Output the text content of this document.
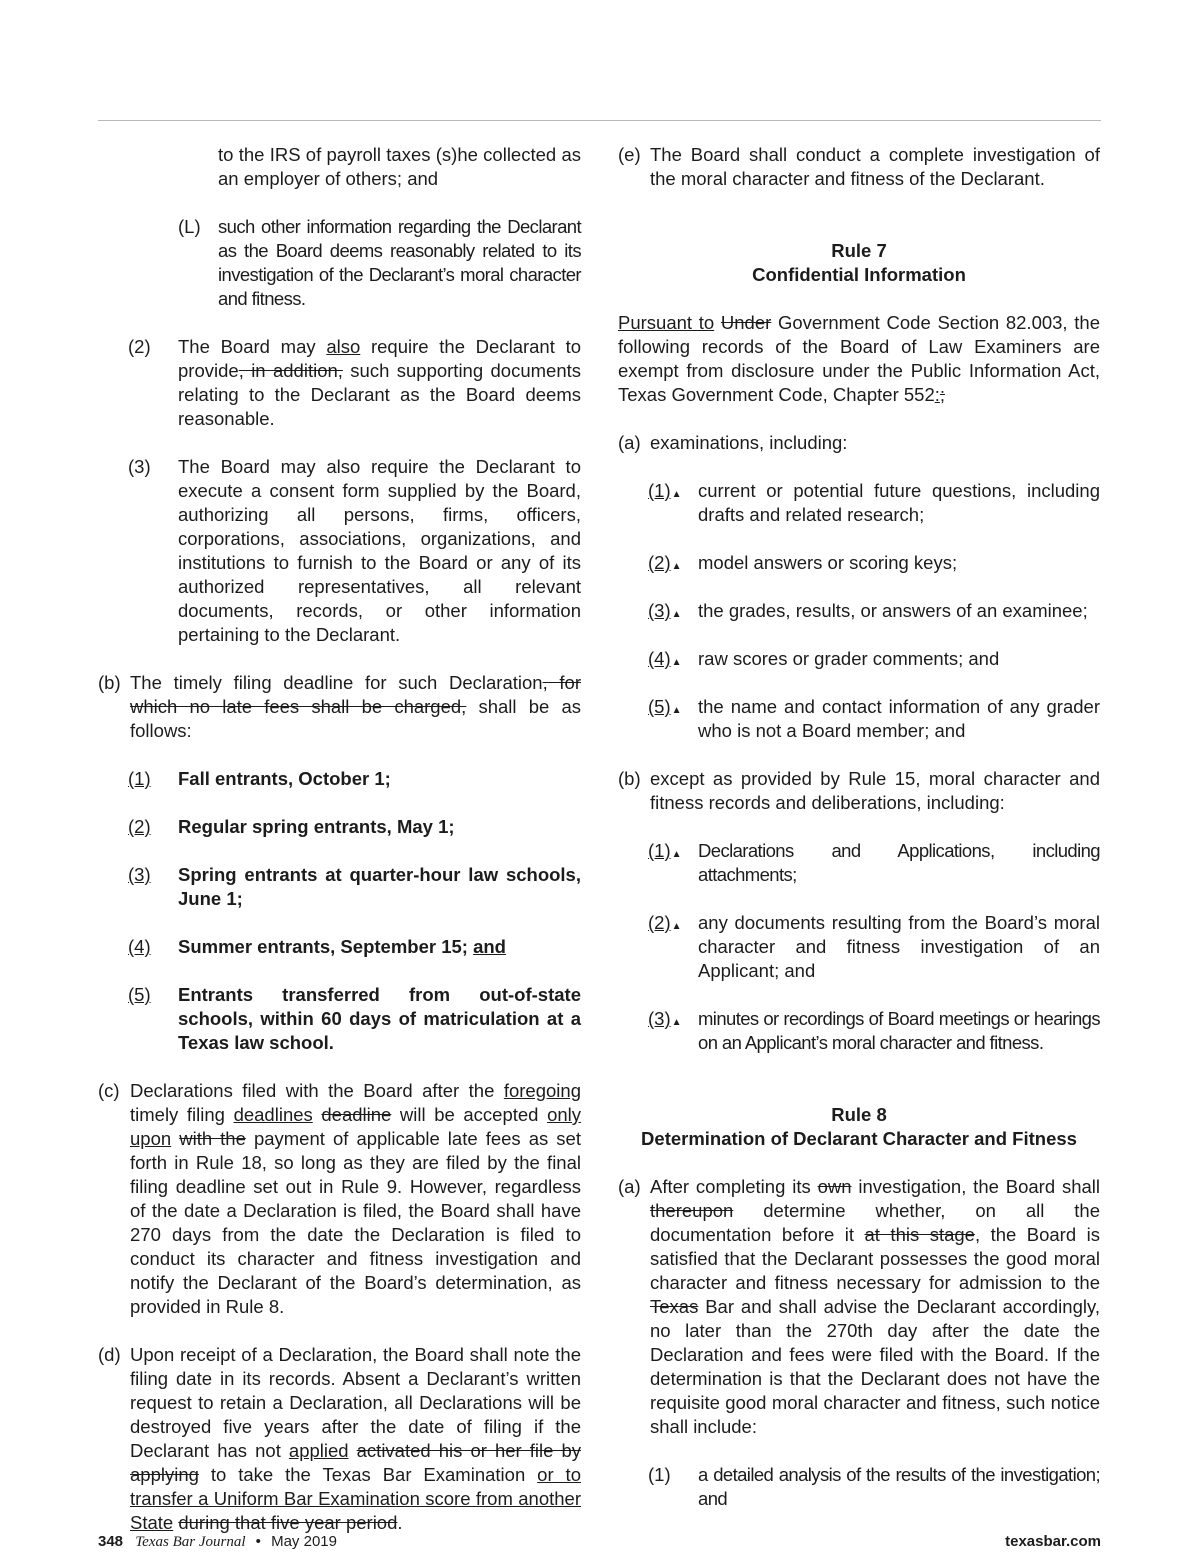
to the IRS of payroll taxes (s)he collected as an employer of others; and
(L) such other information regarding the Declarant as the Board deems reasonably related to its investigation of the Declarant’s moral character and fitness.
(2) The Board may also require the Declarant to provide, in addition, such supporting documents relating to the Declarant as the Board deems reasonable.
(3) The Board may also require the Declarant to execute a consent form supplied by the Board, authorizing all persons, firms, officers, corporations, associations, organizations, and institutions to furnish to the Board or any of its authorized representatives, all relevant documents, records, or other information pertaining to the Declarant.
(b) The timely filing deadline for such Declaration, for which no late fees shall be charged, shall be as follows:
(1) Fall entrants, October 1;
(2) Regular spring entrants, May 1;
(3) Spring entrants at quarter-hour law schools, June 1;
(4) Summer entrants, September 15; and
(5) Entrants transferred from out-of-state schools, within 60 days of matriculation at a Texas law school.
(c) Declarations filed with the Board after the foregoing timely filing deadlines deadline will be accepted only upon with the payment of applicable late fees as set forth in Rule 18, so long as they are filed by the final filing deadline set out in Rule 9. However, regardless of the date a Declaration is filed, the Board shall have 270 days from the date the Declaration is filed to conduct its character and fitness investigation and notify the Declarant of the Board’s determination, as provided in Rule 8.
(d) Upon receipt of a Declaration, the Board shall note the filing date in its records. Absent a Declarant’s written request to retain a Declaration, all Declarations will be destroyed five years after the date of filing if the Declarant has not applied activated his or her file by applying to take the Texas Bar Examination or to transfer a Uniform Bar Examination score from another State during that five year period.
(e) The Board shall conduct a complete investigation of the moral character and fitness of the Declarant.
Rule 7
Confidential Information

Pursuant to Under Government Code Section 82.003, the following records of the Board of Law Examiners are exempt from disclosure under the Public Information Act, Texas Government Code, Chapter 552:;

(a) examinations, including:
(1)▲ current or potential future questions, including drafts and related research;
(2)▲ model answers or scoring keys;
(3)▲ the grades, results, or answers of an examinee;
(4)▲ raw scores or grader comments; and
(5)▲ the name and contact information of any grader who is not a Board member; and
(b) except as provided by Rule 15, moral character and fitness records and deliberations, including:
(1)▲ Declarations and Applications, including attachments;
(2)▲ any documents resulting from the Board’s moral character and fitness investigation of an Applicant; and
(3)▲ minutes or recordings of Board meetings or hearings on an Applicant’s moral character and fitness.
Rule 8
Determination of Declarant Character and Fitness
(a) After completing its own investigation, the Board shall thereupon determine whether, on all the documentation before it at this stage, the Board is satisfied that the Declarant possesses the good moral character and fitness necessary for admission to the Texas Bar and shall advise the Declarant accordingly, no later than the 270th day after the date the Declaration and fees were filed with the Board. If the determination is that the Declarant does not have the requisite good moral character and fitness, such notice shall include:
(1) a detailed analysis of the results of the investigation; and
348 Texas Bar Journal • May 2019	texasbar.com
